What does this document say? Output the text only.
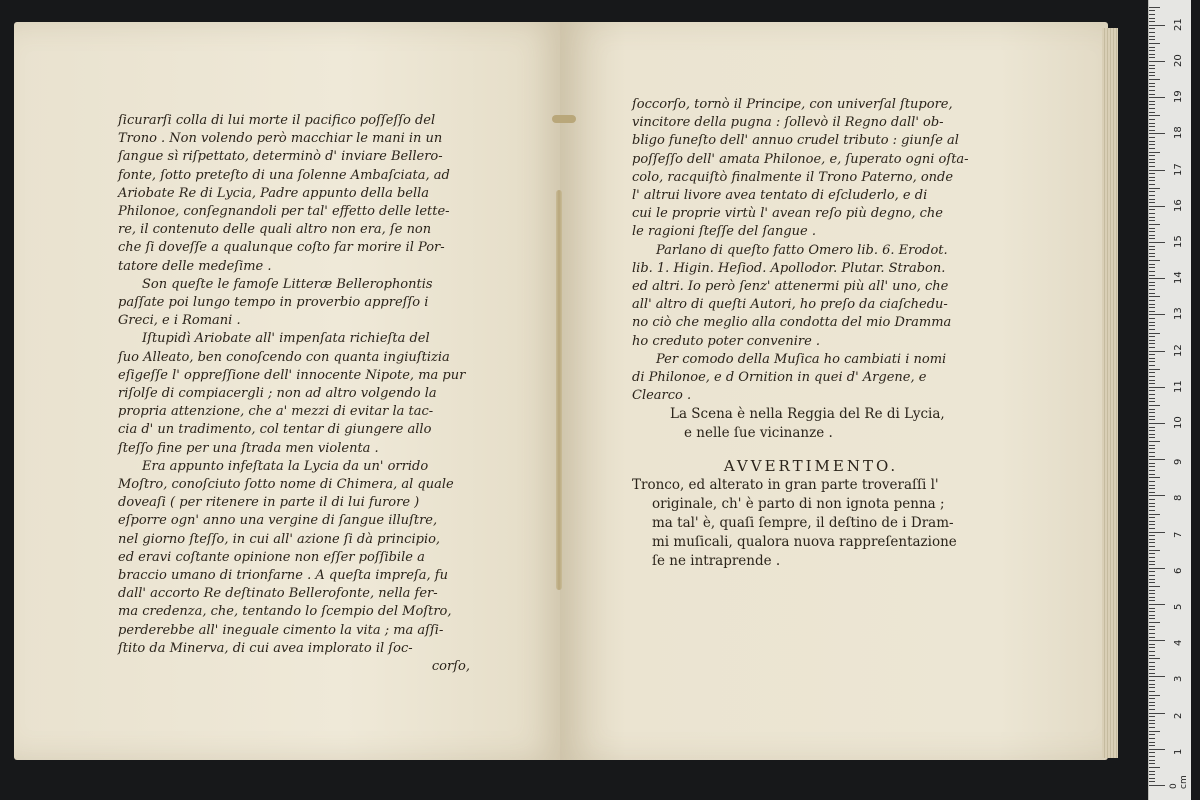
ſicurarſi colla di lui morte il pacifico poſſeſſo del
Trono . Non volendo però macchiar le mani in un
ſangue sì riſpettato, determinò d' inviare Bellero-
fonte, ſotto preteſto di una ſolenne Ambaſciata, ad
Ariobate Re di Lycia, Padre appunto della bella
Philonoe, conſegnandoli per tal' effetto delle lette-
re, il contenuto delle quali altro non era, ſe non
che ſi doveſſe a qualunque coſto far morire il Por-
tatore delle medeſime .

Son queſte le famoſe Litteræ Bellerophontis
paſſate poi lungo tempo in proverbio appreſſo i
Greci, e i Romani .

Iſtupidì Ariobate all' impenſata richieſta del
ſuo Alleato, ben conoſcendo con quanta ingiuſtizia
eſigeſſe l' oppreſſione dell' innocente Nipote, ma pur
riſolſe di compiacergli ; non ad altro volgendo la
propria attenzione, che a' mezzi di evitar la tac-
cia d' un tradimento, col tentar di giungere allo
ſteſſo fine per una ſtrada men violenta .

Era appunto infeſtata la Lycia da un' orrido
Moſtro, conoſciuto ſotto nome di Chimera, al quale
doveaſi ( per ritenere in parte il di lui furore )
eſporre ogn' anno una vergine di ſangue illuſtre,
nel giorno ſteſſo, in cui all' azione ſi dà principio,
ed eravi coſtante opinione non eſſer poſſibile a
braccio umano di trionfarne . A queſta impreſa, fu
dall' accorto Re deſtinato Bellerofonte, nella fer-
ma credenza, che, tentando lo ſcempio del Moſtro,
perderebbe all' ineguale cimento la vita ; ma aſſi-
ſtito da Minerva, di cui avea implorato il ſoc-
corſo,

ſoccorſo, tornò il Principe, con univerſal ſtupore,
vincitore della pugna : ſollevò il Regno dall' ob-
bligo funeſto dell' annuo crudel tributo : giunſe al
poſſeſſo dell' amata Philonoe, e, ſuperato ogni oſta-
colo, racquiſtò finalmente il Trono Paterno, onde
l' altrui livore avea tentato di eſcluderlo, e di
cui le proprie virtù l' avean reſo più degno, che
le ragioni ſteſſe del ſangue .

Parlano di queſto fatto Omero lib. 6. Erodot.
lib. 1. Higin. Heſiod. Apollodor. Plutar. Strabon.
ed altri. Io però ſenz' attenermi più all' uno, che
all' altro di queſti Autori, ho preſo da ciaſchedu-
no ciò che meglio alla condotta del mio Dramma
ho creduto poter convenire .

Per comodo della Muſica ho cambiati i nomi
di Philonoe, e d Ornition in quei d' Argene, e
Clearco .

La Scena è nella Reggia del Re di Lycia,
e nelle ſue vicinanze .
AVVERTIMENTO.
Tronco, ed alterato in gran parte troveraſſi l'
originale, ch' è parto di non ignota penna ;
ma tal' è, quaſi ſempre, il deſtino de i Dram-
mi muſicali, qualora nuova rappreſentazione
ſe ne intraprende .
1
2
3
4
5
6
7
8
9
10
11
12
13
14
15
16
17
18
19
20
21
0 cm
